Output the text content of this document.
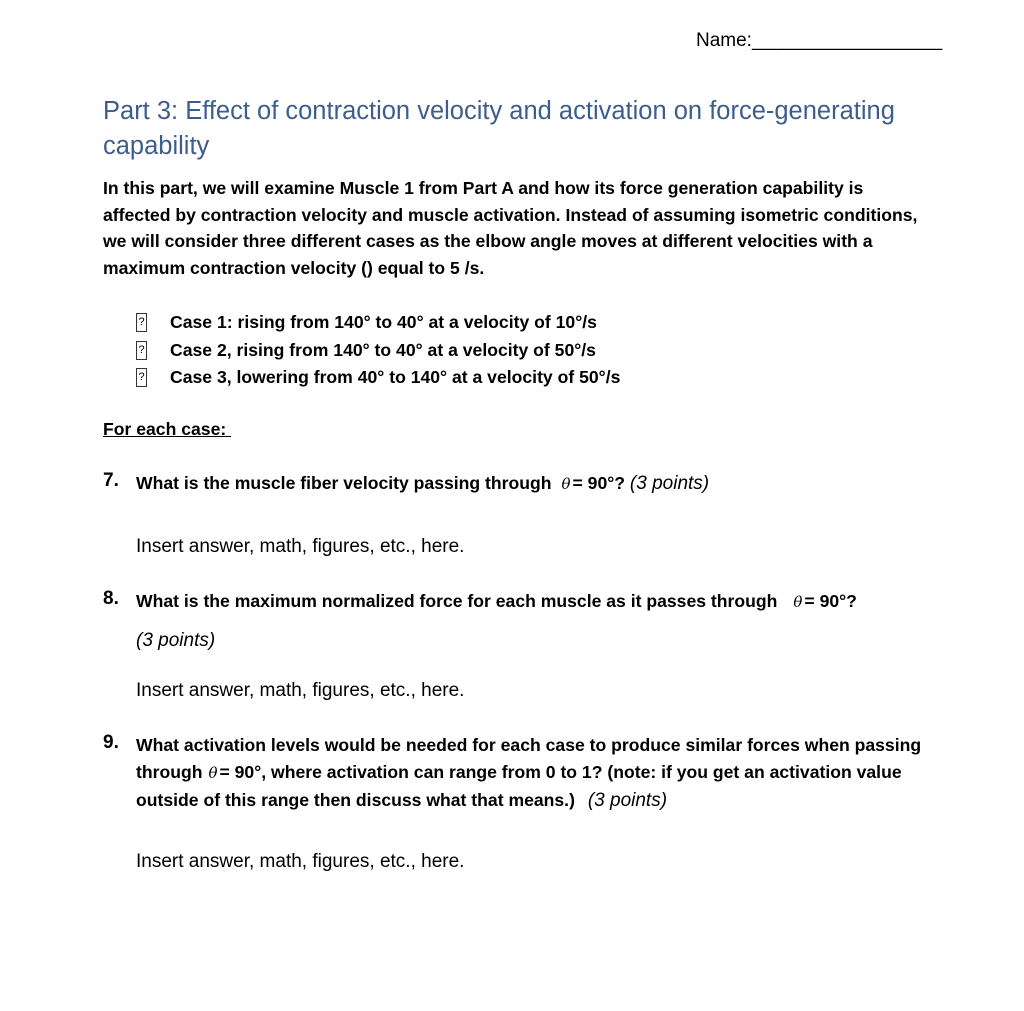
Name:__________________
Part 3: Effect of contraction velocity and activation on force-generating capability

In this part, we will examine Muscle 1 from Part A and how its force generation capability is affected by contraction velocity and muscle activation. Instead of assuming isometric conditions, we will consider three different cases as the elbow angle moves at different velocities with a maximum contraction velocity () equal to 5 /s.

? Case 1: rising from 140° to 40° at a velocity of 10°/s
? Case 2, rising from 140° to 40° at a velocity of 50°/s
? Case 3, lowering from 40° to 140° at a velocity of 50°/s
For each case:
7. What is the muscle fiber velocity passing through θ = 90°? (3 points)
Insert answer, math, figures, etc., here.
8. What is the maximum normalized force for each muscle as it passes through θ = 90°?
(3 points)
Insert answer, math, figures, etc., here.
9. What activation levels would be needed for each case to produce similar forces when passing through θ = 90°, where activation can range from 0 to 1? (note: if you get an activation value outside of this range then discuss what that means.) (3 points)
Insert answer, math, figures, etc., here.
